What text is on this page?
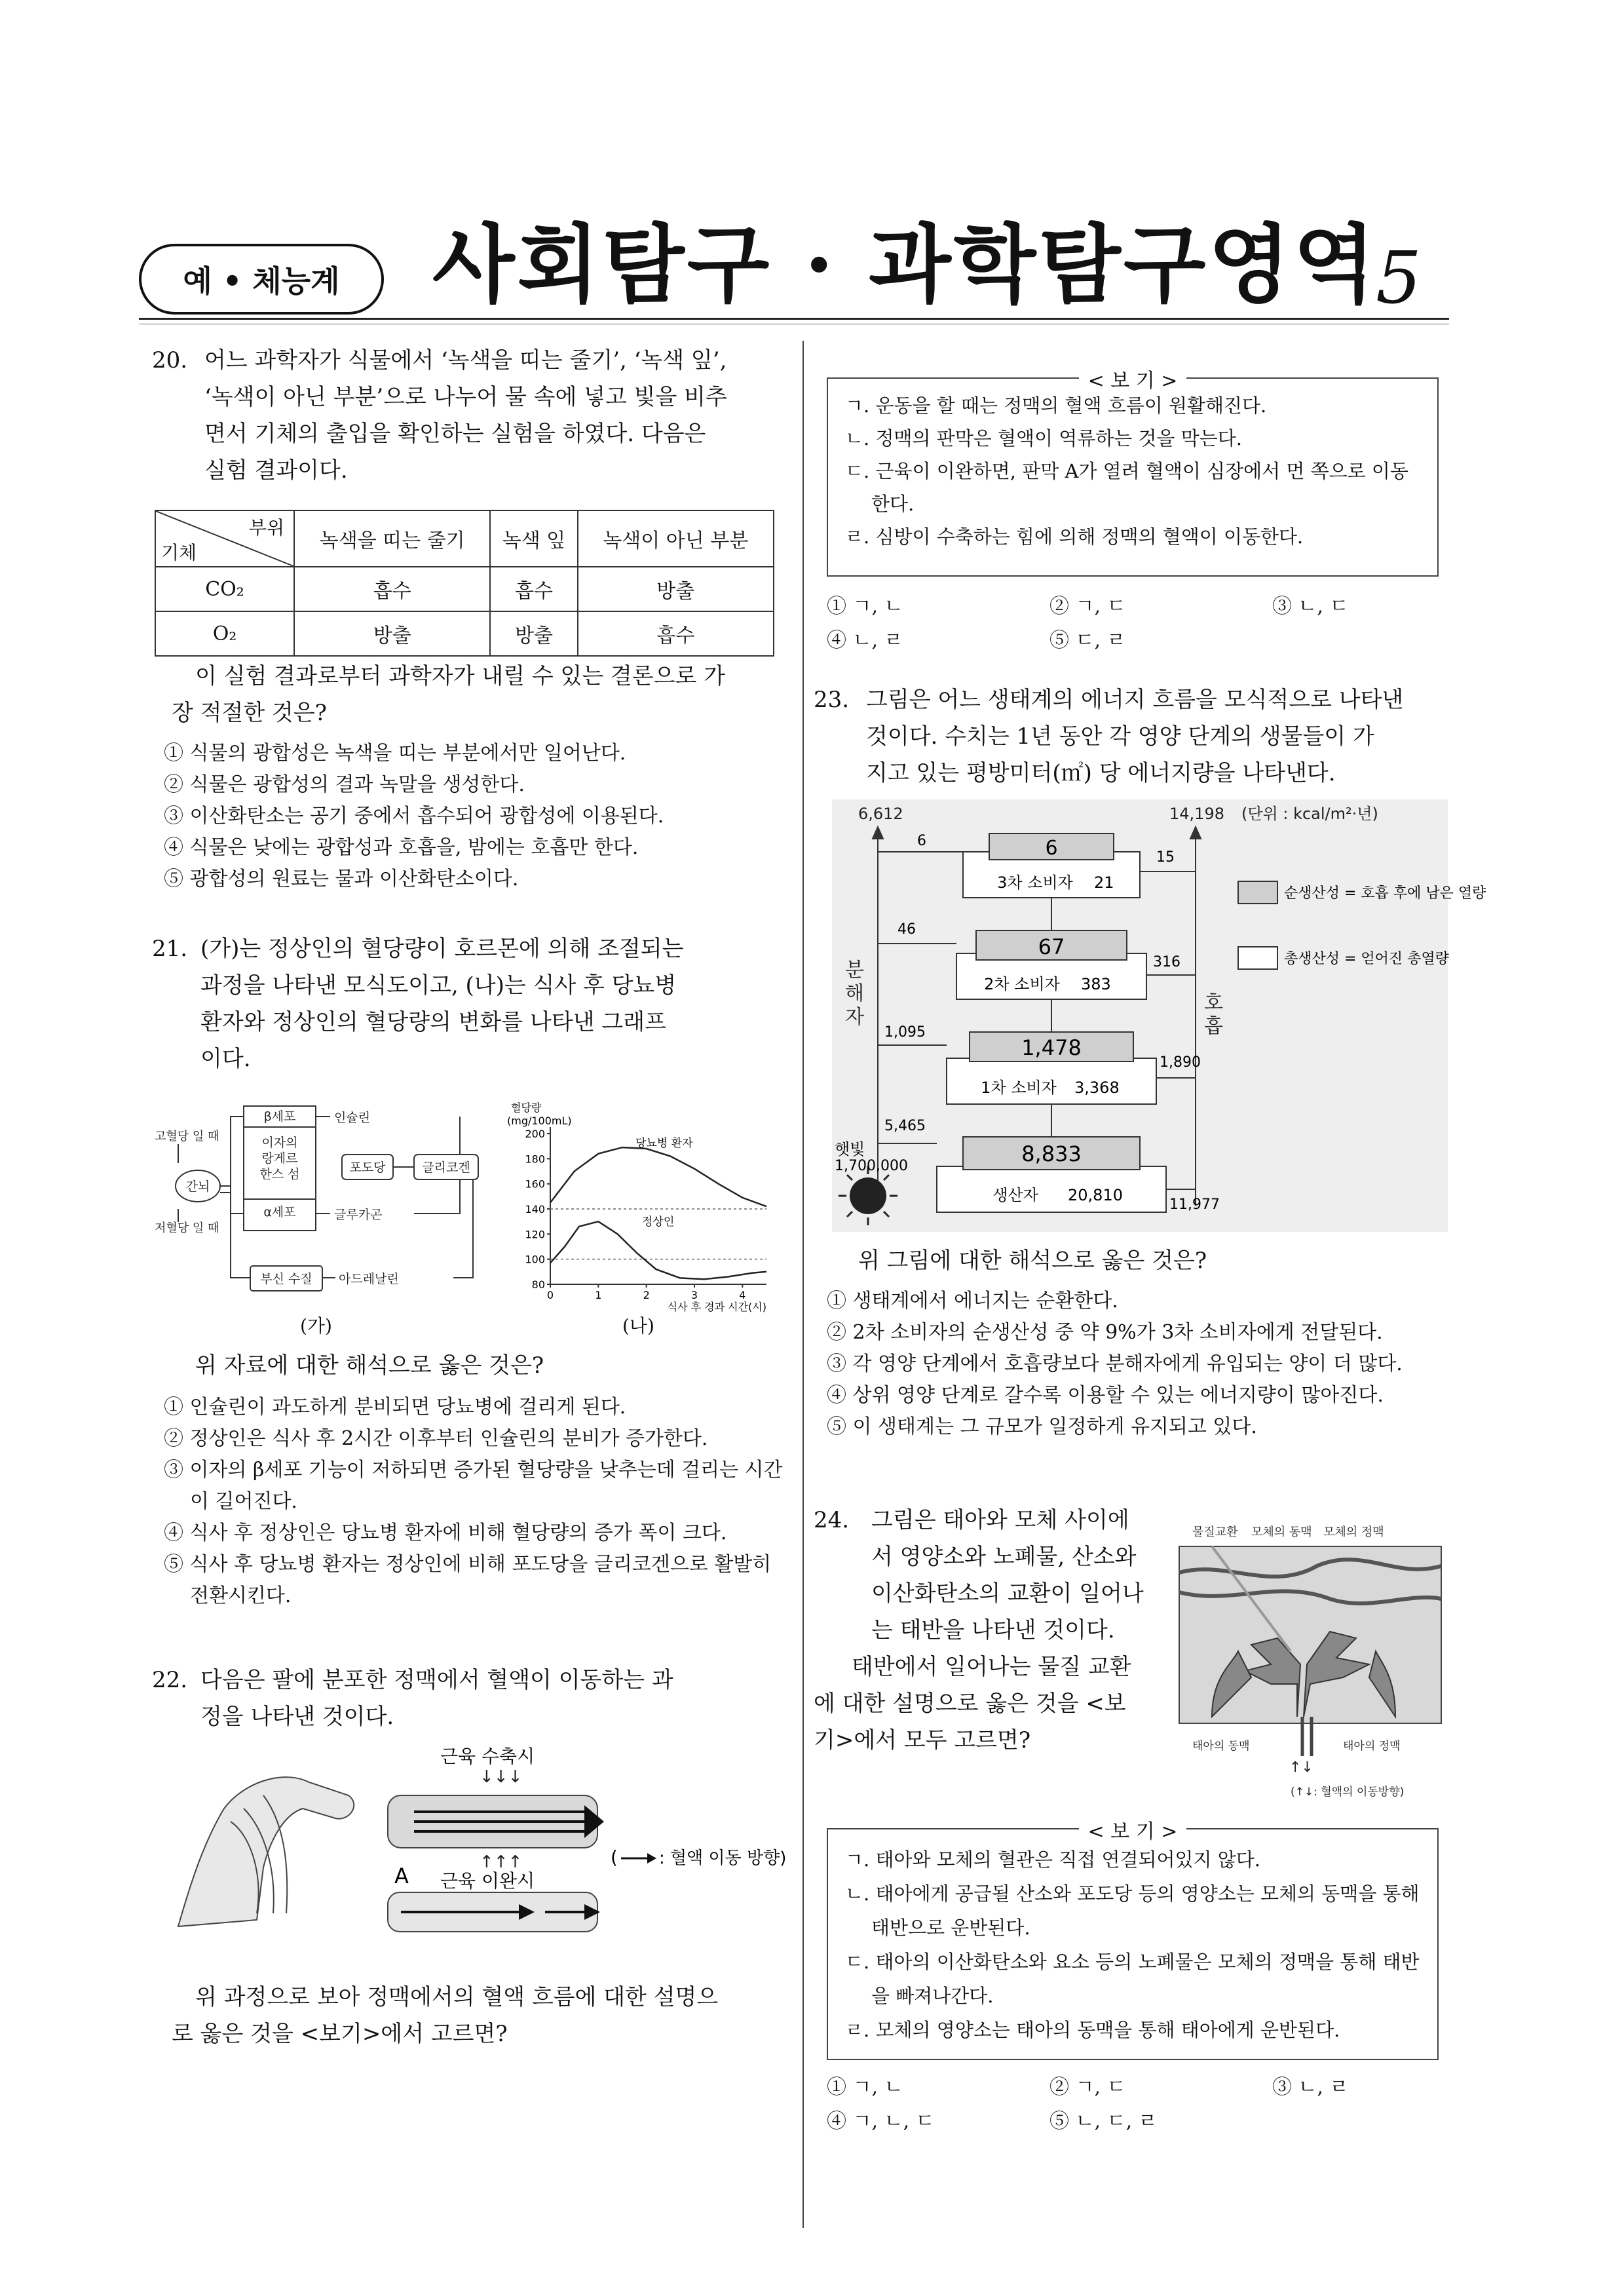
예 • 체능계 사회탐구 · 과학탐구영역
5
20. 어느 과학자가 식물에서 ‘녹색을 띠는 줄기’, ‘녹색 잎’,
‘녹색이 아닌 부분’으로 나누어 물 속에 넣고 빛을 비추
면서 기체의 출입을 확인하는 실험을 하였다. 다음은
실험 결과이다.
부위
기체	녹색을 띠는 줄기	녹색 잎	녹색이 아닌 부분
CO₂	흡수	흡수	방출
O₂	방출	방출	흡수
이 실험 결과로부터 과학자가 내릴 수 있는 결론으로 가
장 적절한 것은?
① 식물의 광합성은 녹색을 띠는 부분에서만 일어난다.
② 식물은 광합성의 결과 녹말을 생성한다.
③ 이산화탄소는 공기 중에서 흡수되어 광합성에 이용된다.
④ 식물은 낮에는 광합성과 호흡을, 밤에는 호흡만 한다.
⑤ 광합성의 원료는 물과 이산화탄소이다.
21. (가)는 정상인의 혈당량이 호르몬에 의해 조절되는
과정을 나타낸 모식도이고, (나)는 식사 후 당뇨병
환자와 정상인의 혈당량의 변화를 나타낸 그래프
이다.
고혈당 일 때
저혈당 일 때
간뇌
β세포
이자의
랑게르
한스 섬
α세포
부신 수질
인슐린
글루카곤
아드레날린
포도당	글리코겐
(가)
혈당량
(mg/100mL)
80
100
120
140
160
180
200
0	1	2	3	4
식사 후 경과 시간(시)
당뇨병 환자
정상인
(나)
위 자료에 대한 해석으로 옳은 것은?
① 인슐린이 과도하게 분비되면 당뇨병에 걸리게 된다.
② 정상인은 식사 후 2시간 이후부터 인슐린의 분비가 증가한다.
③ 이자의 β세포 기능이 저하되면 증가된 혈당량을 낮추는데 걸리는 시간이 길어진다.
④ 식사 후 정상인은 당뇨병 환자에 비해 혈당량의 증가 폭이 크다.
⑤ 식사 후 당뇨병 환자는 정상인에 비해 포도당을 글리코겐으로 활발히 전환시킨다.
22. 다음은 팔에 분포한 정맥에서 혈액이 이동하는 과
정을 나타낸 것이다.
↓↓↓
↑↑↑
근육 수축시
A 근육 이완시
( : 혈액 이동 방향)
위 과정으로 보아 정맥에서의 혈액 흐름에 대한 설명으
로 옳은 것을 <보기>에서 고르면?
< 보 기 >
ㄱ. 운동을 할 때는 정맥의 혈액 흐름이 원활해진다.
ㄴ. 정맥의 판막은 혈액이 역류하는 것을 막는다.
ㄷ. 근육이 이완하면, 판막 A가 열려 혈액이 심장에서 먼 쪽으로 이동한다.
ㄹ. 심방이 수축하는 힘에 의해 정맥의 혈액이 이동한다.
① ㄱ, ㄴ	② ㄱ, ㄷ	③ ㄴ, ㄷ
④ ㄴ, ㄹ	⑤ ㄷ, ㄹ
23. 그림은 어느 생태계의 에너지 흐름을 모식적으로 나타낸
것이다. 수치는 1년 동안 각 영양 단계의 생물들이 가
지고 있는 평방미터(㎡) 당 에너지량을 나타낸다.
6,612	14,198 (단위 : kcal/m²·년)
분
해
자
호
흡
6
3차 소비자 21
6
15
67
2차 소비자 383
46
316
1,478
1차 소비자 3,368
1,095
1,890
8,833
생산자 20,810
5,465
11,977
햇빛
1,700,000
순생산성 = 호흡 후에 남은 열량
총생산성 = 얻어진 총열량
위 그림에 대한 해석으로 옳은 것은?
① 생태계에서 에너지는 순환한다.
② 2차 소비자의 순생산성 중 약 9%가 3차 소비자에게 전달된다.
③ 각 영양 단계에서 호흡량보다 분해자에게 유입되는 양이 더 많다.
④ 상위 영양 단계로 갈수록 이용할 수 있는 에너지량이 많아진다.
⑤ 이 생태계는 그 규모가 일정하게 유지되고 있다.
24. 그림은 태아와 모체 사이에
서 영양소와 노폐물, 산소와
이산화탄소의 교환이 일어나
는 태반을 나타낸 것이다.
태반에서 일어나는 물질 교환
에 대한 설명으로 옳은 것을 <보
기>에서 모두 고르면?
물질교환 모체의 동맥 모체의 정맥
태아의 동맥	태아의 정맥
↑↓
(↑↓: 혈액의 이동방향)
< 보 기 >
ㄱ. 태아와 모체의 혈관은 직접 연결되어있지 않다.
ㄴ. 태아에게 공급될 산소와 포도당 등의 영양소는 모체의 동맥을 통해 태반으로 운반된다.
ㄷ. 태아의 이산화탄소와 요소 등의 노폐물은 모체의 정맥을 통해 태반을 빠져나간다.
ㄹ. 모체의 영양소는 태아의 동맥을 통해 태아에게 운반된다.
① ㄱ, ㄴ	② ㄱ, ㄷ	③ ㄴ, ㄹ
④ ㄱ, ㄴ, ㄷ	⑤ ㄴ, ㄷ, ㄹ
